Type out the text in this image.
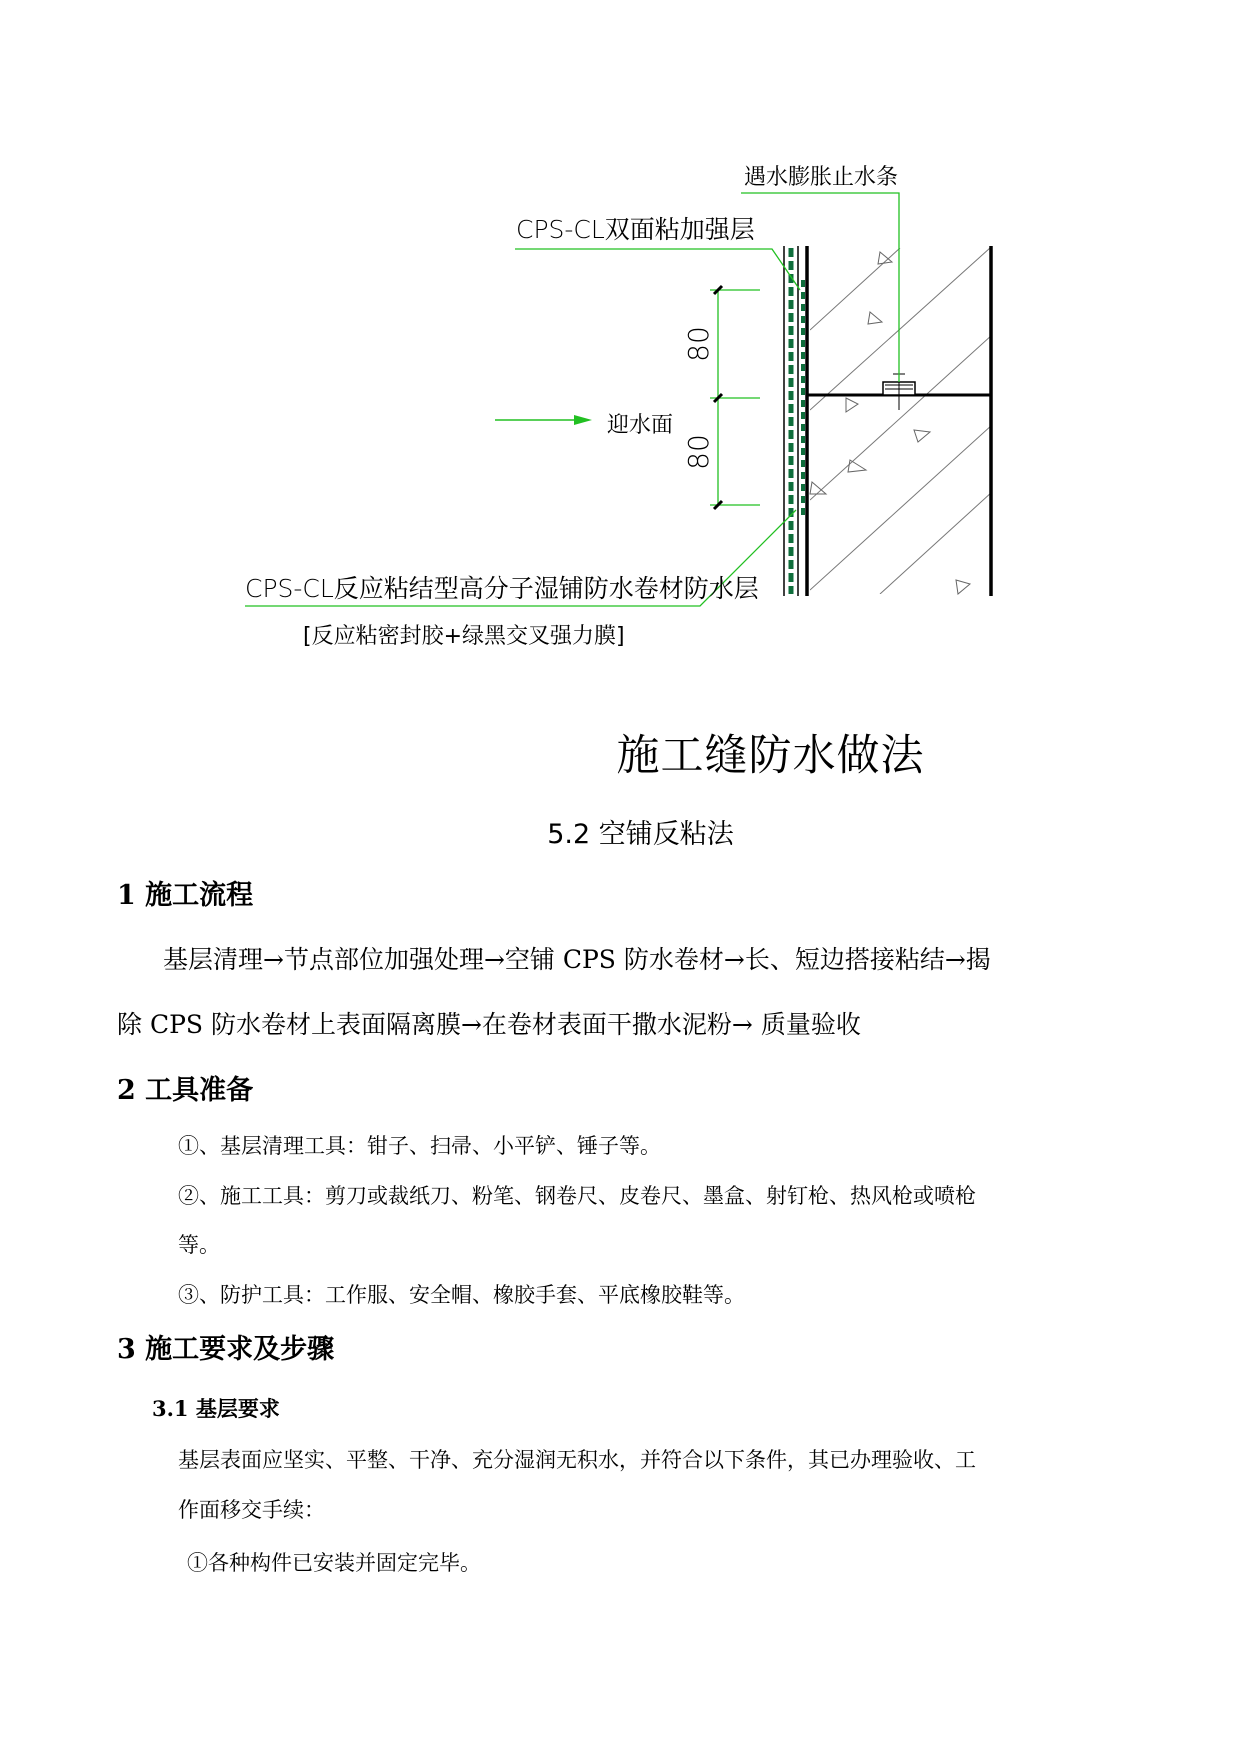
80
80
迎水面
遇水膨胀止水条
CPS-CL双面粘加强层
CPS-CL反应粘结型高分子湿铺防水卷材防水层
[反应粘密封胶+绿黑交叉强力膜]
施工缝防水做法
5.2 空铺反粘法
1 施工流程
基层清理→节点部位加强处理→空铺 CPS 防水卷材→长、短边搭接粘结→揭
除 CPS 防水卷材上表面隔离膜→在卷材表面干撒水泥粉→ 质量验收
2 工具准备
①、基层清理工具：钳子、扫帚、小平铲、锤子等。
②、施工工具：剪刀或裁纸刀、粉笔、钢卷尺、皮卷尺、墨盒、射钉枪、热风枪或喷枪
等。
③、防护工具：工作服、安全帽、橡胶手套、平底橡胶鞋等。
3 施工要求及步骤
3.1 基层要求
基层表面应坚实、平整、干净、充分湿润无积水，并符合以下条件，其已办理验收、工
作面移交手续：
①各种构件已安装并固定完毕。
